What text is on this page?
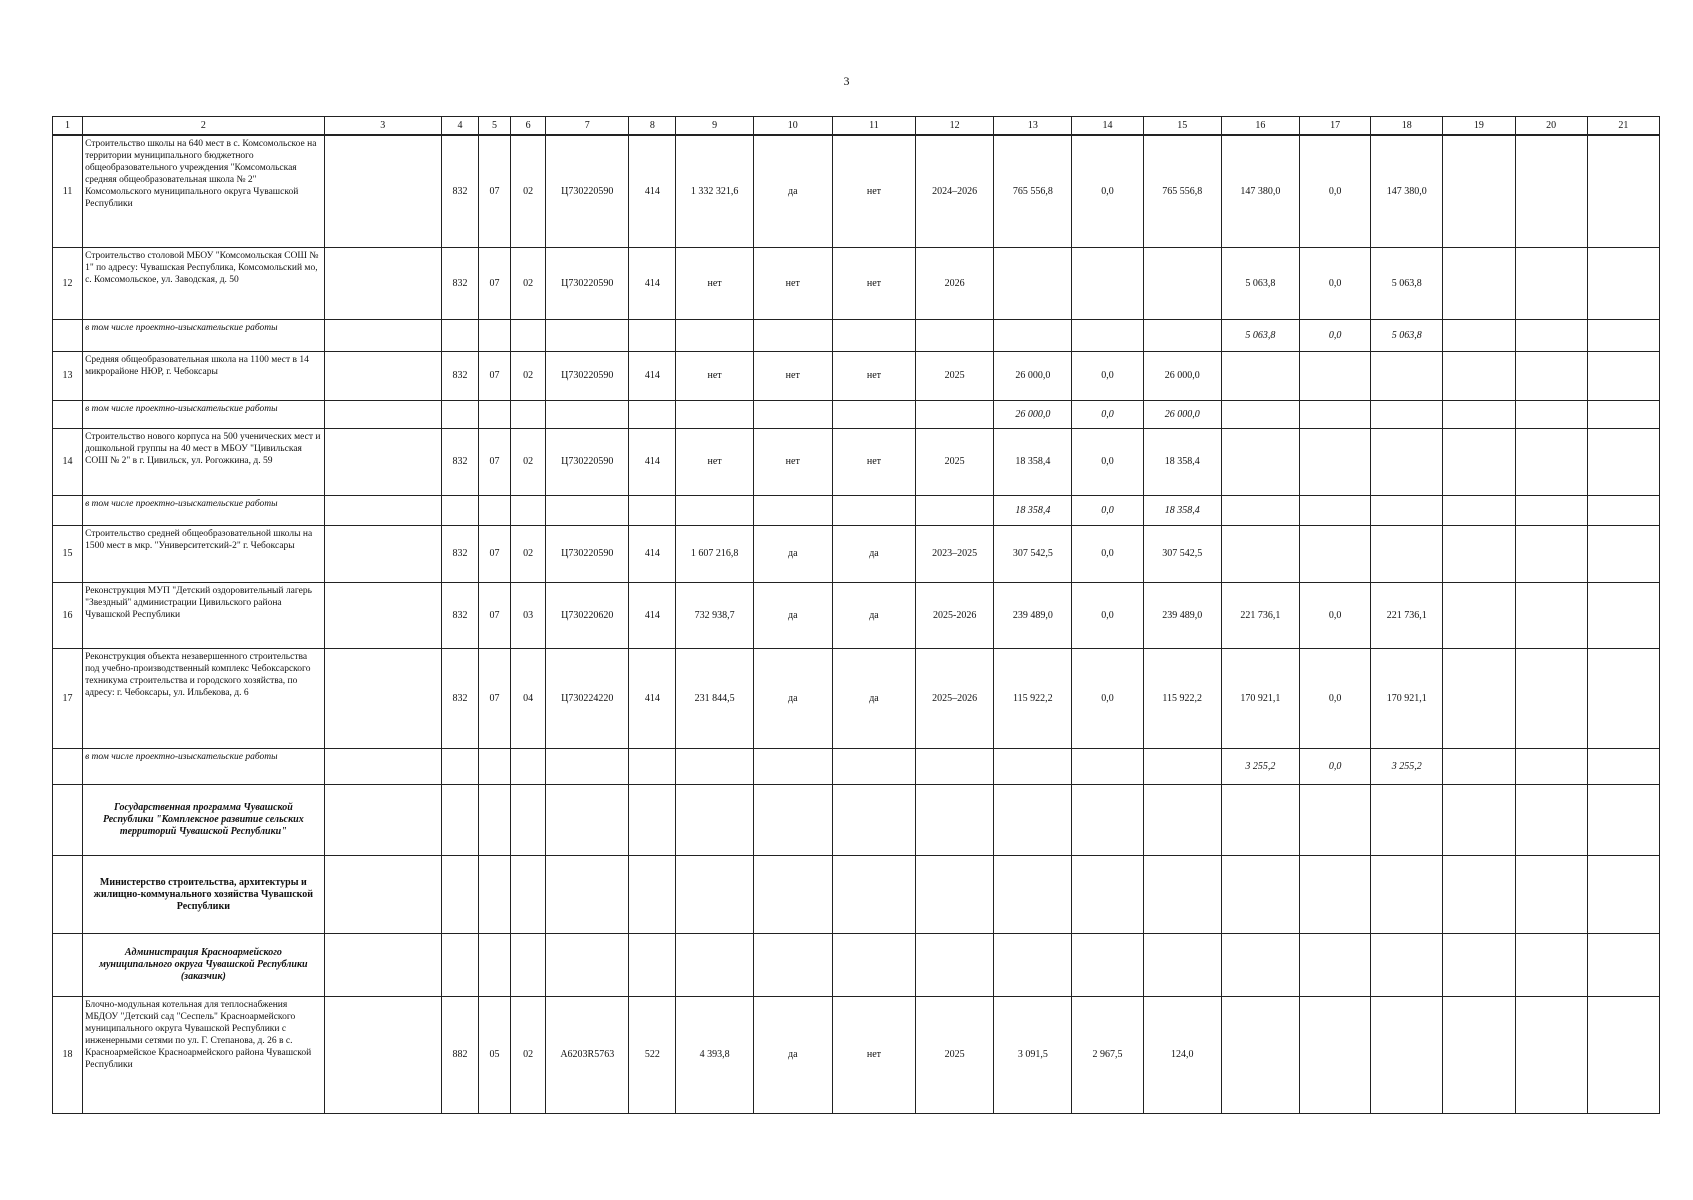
3
1	2	3	4	5	6	7	8	9	10	11	12	13	14	15	16	17	18	19	20	21
11	Строительство школы на 640 мест в с. Комсомольское на территории муниципального бюджетного общеобразовательного учреждения "Комсомольская средняя общеобразовательная школа № 2" Комсомольского муниципального округа Чувашской Республики		832	07	02	Ц730220590	414	1 332 321,6	да	нет	2024–2026	765 556,8	0,0	765 556,8	147 380,0	0,0	147 380,0			
12	Строительство столовой МБОУ "Комсомольская СОШ № 1" по адресу: Чувашская Республика, Комсомольский мо, с. Комсомольское, ул. Заводская, д. 50		832	07	02	Ц730220590	414	нет	нет	нет	2026				5 063,8	0,0	5 063,8			
	в том числе проектно-изыскательские работы														5 063,8	0,0	5 063,8			
13	Средняя общеобразовательная школа на 1100 мест в 14 микрорайоне НЮР, г. Чебоксары		832	07	02	Ц730220590	414	нет	нет	нет	2025	26 000,0	0,0	26 000,0						
	в том числе проектно-изыскательские работы											26 000,0	0,0	26 000,0						
14	Строительство нового корпуса на 500 ученических мест и дошкольной группы на 40 мест в МБОУ "Цивильская СОШ № 2" в г. Цивильск, ул. Рогожкина, д. 59		832	07	02	Ц730220590	414	нет	нет	нет	2025	18 358,4	0,0	18 358,4						
	в том числе проектно-изыскательские работы											18 358,4	0,0	18 358,4						
15	Строительство средней общеобразовательной школы на 1500 мест в мкр. "Университетский-2" г. Чебоксары		832	07	02	Ц730220590	414	1 607 216,8	да	да	2023–2025	307 542,5	0,0	307 542,5						
16	Реконструкция МУП "Детский оздоровительный лагерь "Звездный" администрации Цивильского района Чувашской Республики		832	07	03	Ц730220620	414	732 938,7	да	да	2025-2026	239 489,0	0,0	239 489,0	221 736,1	0,0	221 736,1			
17	Реконструкция объекта незавершенного строительства под учебно-производственный комплекс Чебоксарского техникума строительства и городского хозяйства, по адресу: г. Чебоксары, ул. Ильбекова, д. 6		832	07	04	Ц730224220	414	231 844,5	да	да	2025–2026	115 922,2	0,0	115 922,2	170 921,1	0,0	170 921,1			
	в том числе проектно-изыскательские работы														3 255,2	0,0	3 255,2			
	Государственная программа Чувашской Республики "Комплексное развитие сельских территорий Чувашской Республики"																			
	Министерство строительства, архитектуры и жилищно-коммунального хозяйства Чувашской Республики																			
	Администрация Красноармейского муниципального округа Чувашской Республики (заказчик)																			
18	Блочно-модульная котельная для теплоснабжения МБДОУ "Детский сад "Сеспель" Красноармейского муниципального округа Чувашской Республики с инженерными сетями по ул. Г. Степанова, д. 26 в с. Красноармейское Красноармейского района Чувашской Республики		882	05	02	А6203R5763	522	4 393,8	да	нет	2025	3 091,5	2 967,5	124,0						
